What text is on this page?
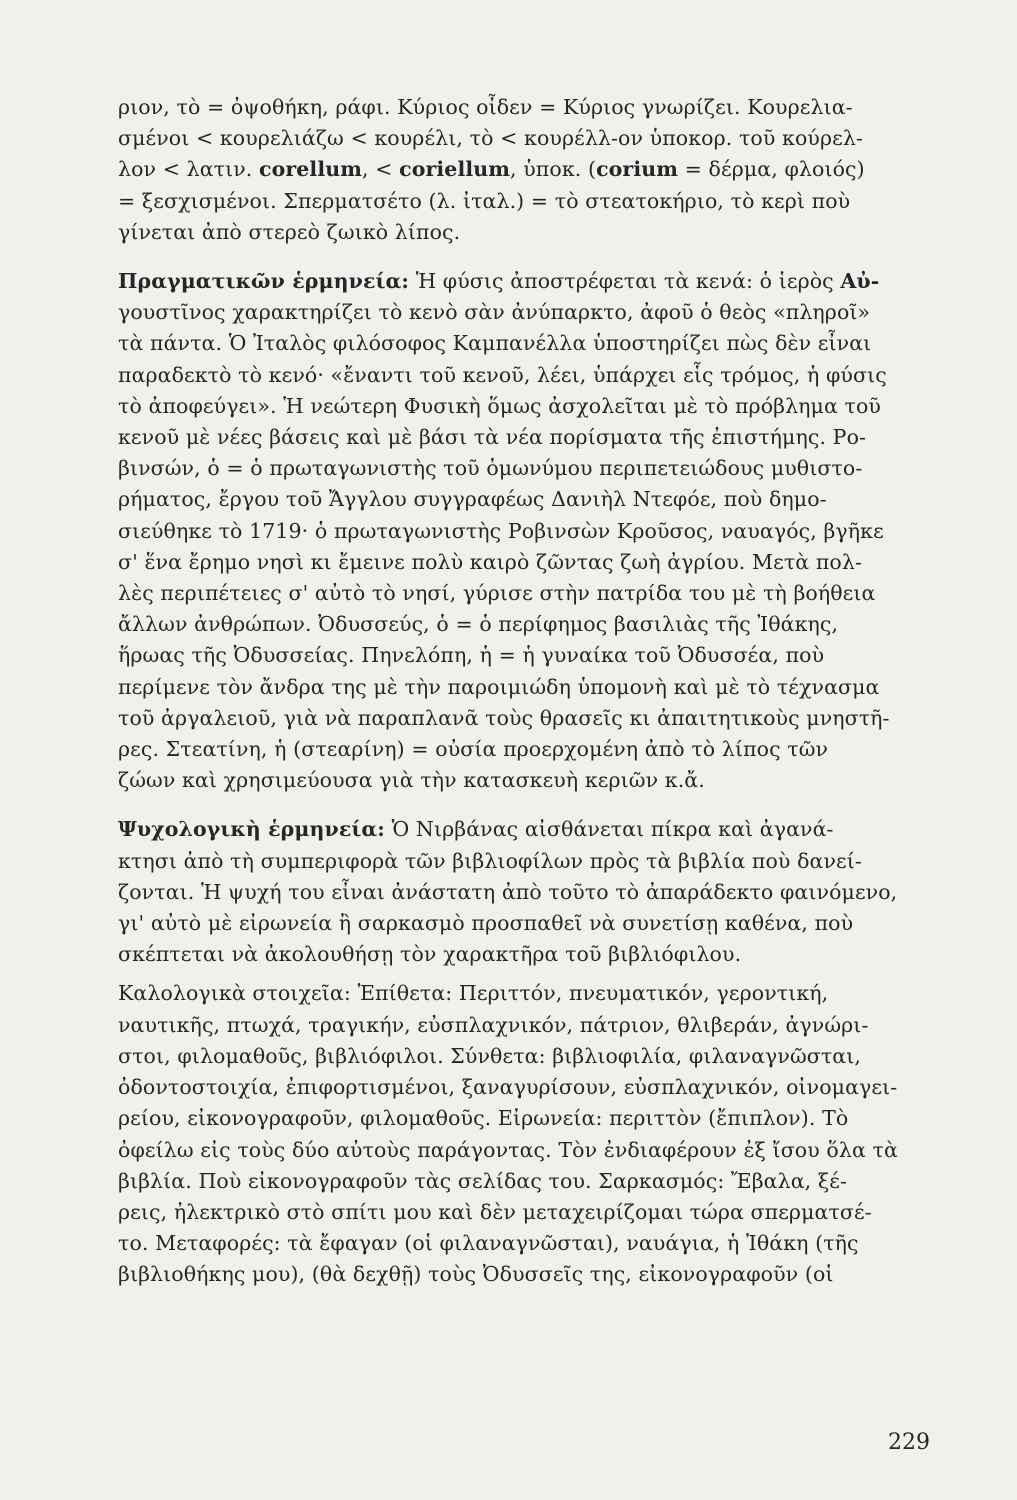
ριον, τὸ = ὀψοθήκη, ράφι. Κύριος οἶδεν = Κύριος γνωρίζει. Κουρελια-
σμένοι < κουρελιάζω < κουρέλι, τὸ < κουρέλλ-ον ὑποκορ. τοῦ κούρελ-
λον < λατιν. corellum, < coriellum, ὑποκ. (corium = δέρμα, φλοιός)
= ξεσχισμένοι. Σπερματσέτο (λ. ἰταλ.) = τὸ στεατοκήριο, τὸ κερὶ ποὺ
γίνεται ἀπὸ στερεὸ ζωικὸ λίπος.
Πραγματικῶν ἑρμηνεία: Ἡ φύσις ἀποστρέφεται τὰ κενά: ὁ ἱερὸς Αὐ-
γουστῖνος χαρακτηρίζει τὸ κενὸ σὰν ἀνύπαρκτο, ἀφοῦ ὁ θεὸς «πληροῖ»
τὰ πάντα. Ὁ Ἰταλὸς φιλόσοφος Καμπανέλλα ὑποστηρίζει πὼς δὲν εἶναι
παραδεκτὸ τὸ κενό· «ἔναντι τοῦ κενοῦ, λέει, ὑπάρχει εἷς τρόμος, ἡ φύσις
τὸ ἀποφεύγει». Ἡ νεώτερη Φυσικὴ ὅμως ἀσχολεῖται μὲ τὸ πρόβλημα τοῦ
κενοῦ μὲ νέες βάσεις καὶ μὲ βάσι τὰ νέα πορίσματα τῆς ἐπιστήμης. Ρο-
βινσών, ὁ = ὁ πρωταγωνιστὴς τοῦ ὁμωνύμου περιπετειώδους μυθιστο-
ρήματος, ἔργου τοῦ Ἄγγλου συγγραφέως Δανιὴλ Ντεφόε, ποὺ δημο-
σιεύθηκε τὸ 1719· ὁ πρωταγωνιστὴς Ροβινσὼν Κροῦσος, ναυαγός, βγῆκε
σ' ἕνα ἔρημο νησὶ κι ἔμεινε πολὺ καιρὸ ζῶντας ζωὴ ἀγρίου. Μετὰ πολ-
λὲς περιπέτειες σ' αὐτὸ τὸ νησί, γύρισε στὴν πατρίδα του μὲ τὴ βοήθεια
ἄλλων ἀνθρώπων. Ὀδυσσεύς, ὁ = ὁ περίφημος βασιλιὰς τῆς Ἰθάκης,
ἥρωας τῆς Ὀδυσσείας. Πηνελόπη, ἡ = ἡ γυναίκα τοῦ Ὀδυσσέα, ποὺ
περίμενε τὸν ἄνδρα της μὲ τὴν παροιμιώδη ὑπομονὴ καὶ μὲ τὸ τέχνασμα
τοῦ ἀργαλειοῦ, γιὰ νὰ παραπλανᾶ τοὺς θρασεῖς κι ἀπαιτητικοὺς μνηστῆ-
ρες. Στεατίνη, ἡ (στεαρίνη) = οὐσία προερχομένη ἀπὸ τὸ λίπος τῶν
ζώων καὶ χρησιμεύουσα γιὰ τὴν κατασκευὴ κεριῶν κ.ἄ.
Ψυχολογικὴ ἑρμηνεία: Ὁ Νιρβάνας αἰσθάνεται πίκρα καὶ ἀγανά-
κτησι ἀπὸ τὴ συμπεριφορὰ τῶν βιβλιοφίλων πρὸς τὰ βιβλία ποὺ δανεί-
ζονται. Ἡ ψυχή του εἶναι ἀνάστατη ἀπὸ τοῦτο τὸ ἀπαράδεκτο φαινόμενο,
γι' αὐτὸ μὲ εἰρωνεία ἢ σαρκασμὸ προσπαθεῖ νὰ συνετίσῃ καθένα, ποὺ
σκέπτεται νὰ ἀκολουθήσῃ τὸν χαρακτῆρα τοῦ βιβλιόφιλου.
Καλολογικὰ στοιχεῖα: Ἐπίθετα: Περιττόν, πνευματικόν, γεροντική,
ναυτικῆς, πτωχά, τραγικήν, εὐσπλαχνικόν, πάτριον, θλιβεράν, ἀγνώρι-
στοι, φιλομαθοῦς, βιβλιόφιλοι. Σύνθετα: βιβλιοφιλία, φιλαναγνῶσται,
ὀδοντοστοιχία, ἐπιφορτισμένοι, ξαναγυρίσουν, εὐσπλαχνικόν, οἰνομαγει-
ρείου, εἰκονογραφοῦν, φιλομαθοῦς. Εἰρωνεία: περιττὸν (ἔπιπλον). Τὸ
ὀφείλω εἰς τοὺς δύο αὐτοὺς παράγοντας. Τὸν ἐνδιαφέρουν ἐξ ἴσου ὅλα τὰ
βιβλία. Ποὺ εἰκονογραφοῦν τὰς σελίδας του. Σαρκασμός: Ἔβαλα, ξέ-
ρεις, ἠλεκτρικὸ στὸ σπίτι μου καὶ δὲν μεταχειρίζομαι τώρα σπερματσέ-
το. Μεταφορές: τὰ ἔφαγαν (οἱ φιλαναγνῶσται), ναυάγια, ἡ Ἰθάκη (τῆς
βιβλιοθήκης μου), (θὰ δεχθῇ) τοὺς Ὀδυσσεῖς της, εἰκονογραφοῦν (οἱ
229
